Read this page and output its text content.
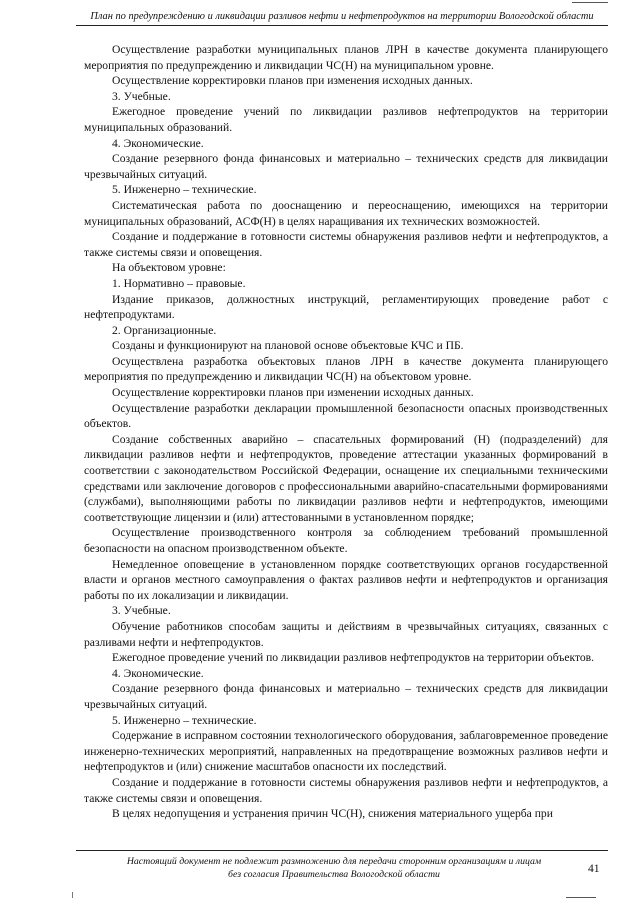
План по предупреждению и ликвидации разливов нефти и нефтепродуктов на территории Вологодской области

Осуществление разработки муниципальных планов ЛРН в качестве документа планирующего мероприятия по предупреждению и ликвидации ЧС(Н) на муниципальном уровне.

Осуществление корректировки планов при изменения исходных данных.

3. Учебные.

Ежегодное проведение учений по ликвидации разливов нефтепродуктов на территории муниципальных образований.

4. Экономические.

Создание резервного фонда финансовых и материально – технических средств для ликвидации чрезвычайных ситуаций.

5. Инженерно – технические.

Систематическая работа по дооснащению и переоснащению, имеющихся на территории муниципальных образований, АСФ(Н) в целях наращивания их технических возможностей.

Создание и поддержание в готовности системы обнаружения разливов нефти и нефтепродуктов, а также системы связи и оповещения.

На объектовом уровне:

1. Нормативно – правовые.

Издание приказов, должностных инструкций, регламентирующих проведение работ с нефтепродуктами.

2. Организационные.

Созданы и функционируют на плановой основе объектовые КЧС и ПБ.

Осуществлена разработка объектовых планов ЛРН в качестве документа планирующего мероприятия по предупреждению и ликвидации ЧС(Н) на объектовом уровне.

Осуществление корректировки планов при изменении исходных данных.

Осуществление разработки декларации промышленной безопасности опасных производственных объектов.

Создание собственных аварийно – спасательных формирований (Н) (подразделений) для ликвидации разливов нефти и нефтепродуктов, проведение аттестации указанных формирований в соответствии с законодательством Российской Федерации, оснащение их специальными техническими средствами или заключение договоров с профессиональными аварийно-спасательными формированиями (службами), выполняющими работы по ликвидации разливов нефти и нефтепродуктов, имеющими соответствующие лицензии и (или) аттестованными в установленном порядке;

Осуществление производственного контроля за соблюдением требований промышленной безопасности на опасном производственном объекте.

Немедленное оповещение в установленном порядке соответствующих органов государственной власти и органов местного самоуправления о фактах разливов нефти и нефтепродуктов и организация работы по их локализации и ликвидации.

3. Учебные.

Обучение работников способам защиты и действиям в чрезвычайных ситуациях, связанных с разливами нефти и нефтепродуктов.

Ежегодное проведение учений по ликвидации разливов нефтепродуктов на территории объектов.

4. Экономические.

Создание резервного фонда финансовых и материально – технических средств для ликвидации чрезвычайных ситуаций.

5. Инженерно – технические.

Содержание в исправном состоянии технологического оборудования, заблаговременное проведение инженерно-технических мероприятий, направленных на предотвращение возможных разливов нефти и нефтепродуктов и (или) снижение масштабов опасности их последствий.

Создание и поддержание в готовности системы обнаружения разливов нефти и нефтепродуктов, а также системы связи и оповещения.

В целях недопущения и устранения причин ЧС(Н), снижения материального ущерба при

Настоящий документ не подлежит размножению для передачи сторонним организациям и лицам
без согласия Правительства Вологодской области	41
